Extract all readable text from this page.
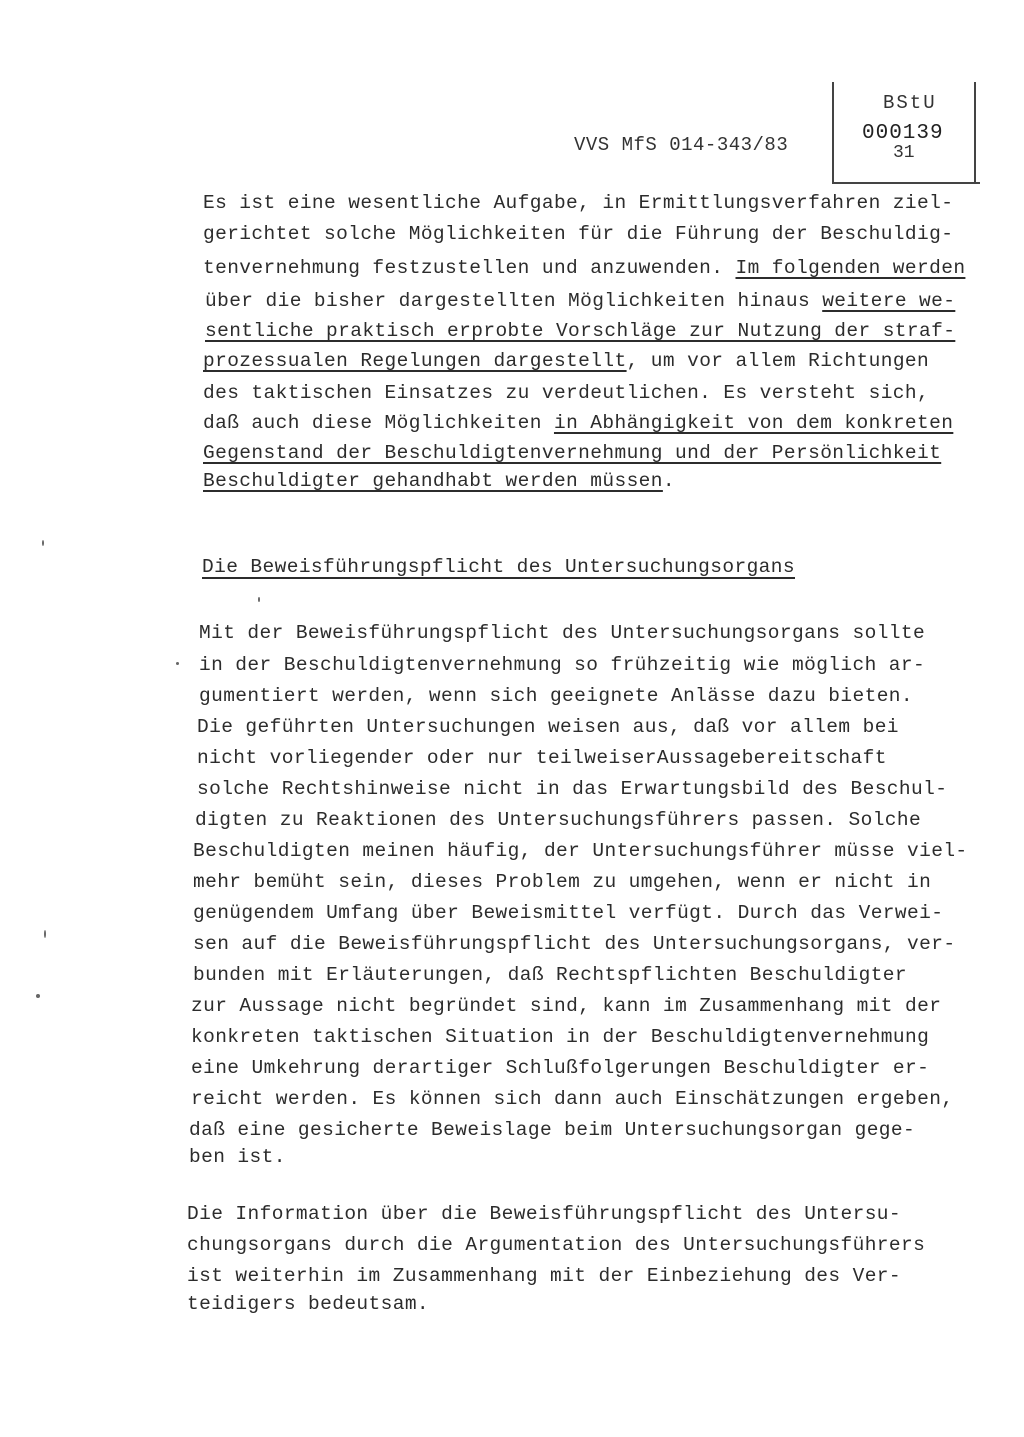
VVS MfS 014-343/83
BStU
000139
31
Es ist eine wesentliche Aufgabe, in Ermittlungsverfahren ziel-
gerichtet solche Möglichkeiten für die Führung der Beschuldig-
tenvernehmung festzustellen und anzuwenden. Im folgenden werden
über die bisher dargestellten Möglichkeiten hinaus weitere we-
sentliche praktisch erprobte Vorschläge zur Nutzung der straf-
prozessualen Regelungen dargestellt, um vor allem Richtungen
des taktischen Einsatzes zu verdeutlichen. Es versteht sich,
daß auch diese Möglichkeiten in Abhängigkeit von dem konkreten
Gegenstand der Beschuldigtenvernehmung und der Persönlichkeit
Beschuldigter gehandhabt werden müssen.
Die Beweisführungspflicht des Untersuchungsorgans
Mit der Beweisführungspflicht des Untersuchungsorgans sollte
in der Beschuldigtenvernehmung so frühzeitig wie möglich ar-
gumentiert werden, wenn sich geeignete Anlässe dazu bieten.
Die geführten Untersuchungen weisen aus, daß vor allem bei
nicht vorliegender oder nur teilweiserAussagebereitschaft
solche Rechtshinweise nicht in das Erwartungsbild des Beschul-
digten zu Reaktionen des Untersuchungsführers passen. Solche
Beschuldigten meinen häufig, der Untersuchungsführer müsse viel-
mehr bemüht sein, dieses Problem zu umgehen, wenn er nicht in
genügendem Umfang über Beweismittel verfügt. Durch das Verwei-
sen auf die Beweisführungspflicht des Untersuchungsorgans, ver-
bunden mit Erläuterungen, daß Rechtspflichten Beschuldigter
zur Aussage nicht begründet sind, kann im Zusammenhang mit der
konkreten taktischen Situation in der Beschuldigtenvernehmung
eine Umkehrung derartiger Schlußfolgerungen Beschuldigter er-
reicht werden. Es können sich dann auch Einschätzungen ergeben,
daß eine gesicherte Beweislage beim Untersuchungsorgan gege-
ben ist.
Die Information über die Beweisführungspflicht des Untersu-
chungsorgans durch die Argumentation des Untersuchungsführers
ist weiterhin im Zusammenhang mit der Einbeziehung des Ver-
teidigers bedeutsam.
